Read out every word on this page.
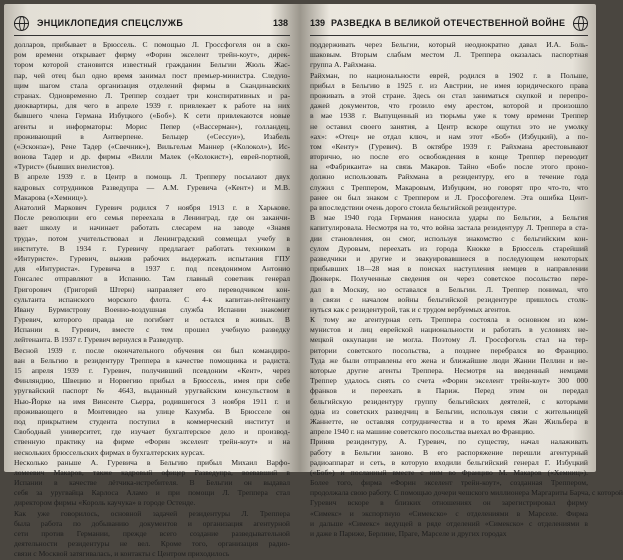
ЭНЦИКЛОПЕДИЯ СПЕЦСЛУЖБ	138
долларов, прибывает в Брюссель. С помощью Л. Гроссфогеля он в ско-
ром времени открывает фирму «Форин экселент трейн-коут», дирек-
тором которой становится известный гражданин Бельгии Жюль Жас-
пар, чей отец был одно время занимал пост премьер-министра. Следую-
щим шагом стала организация отделений фирмы в Скандинавских
странах. Одновременно Л. Треппер создает три конспиративных и ра-
диоквартиры, для чего в апреле 1939 г. привлекает к работе на них
бывшего члена Германа Избуцкого («Боб»). К сети привлекаются новые
агенты и информаторы: Морис Пепер («Вассерман»), голландец,
проживающий в Антверпене. Бельцер («Сессуи»), Изабель
(«Эсконза»), Рене Тадер («Свечник»), Вильгельм Маннер («Колокол»), Ис-
вонова Тадер и др. фирмы «Вилли Малек («Колокист»), еврей-портной,
«Турист» (бывших внелистов).
В апреле 1939 г. в Центр в помощь Л. Трепперу посылают двух
кадровых сотрудников Разведупра — А.М. Гуревича («Кент») и М.В.
Макарова («Хемниц»).
Анатолий Маркович Гуревич родился 7 ноября 1913 г. в Харькове.
После революции его семья переехала в Ленинград, где он заканчи-
вает школу и начинает работать слесарем на заводе «Знамя
труда», потом учительствовал и Ленинградский совмещал учебу в
институте. В 1934 г. Гуревичу предлагает работать техником в
«Интуристе». Гуревич, выжив рабочих выдержать испытания ГПУ
для «Интуриста». Гуревича в 1937 г. под псевдонимом Антонио
Гонсалес отправляют в Испанию. Там главный советник генерал
Григорович (Григорий Штерн) направляет его переводчиком кон-
сультанта испанского морского флота. С 4-к капитан-лейтенанту
Ивану Бурмистрову Военно-воздушная служба Испании знакомит
Гуревич, которого правда не погибнет и остался в живых. В
Испании я. Гуревич, вместе с тем прошел учебную разведку
лейтенанта. В 1937 г. Гуревич вернулся в Разведупр.
Весной 1939 г. после окончательного обучения он был командиро-
ван в Бельгию в резидентуру Треппера в качестве помощника и радиста.
15 апреля 1939 г. Гуревич, получивший псевдоним «Кент», через
Финляндию, Швецию и Норвегию прибыл в Брюссель, имея при себе
уругвайский паспорт № 4643, выданный уругвайским консульством в
Нью-Йорке на имя Винсенте Сьерра, родившегося 3 ноября 1911 г. и
проживающего в Монтевидео на улице Кахумба. В Брюсселе он
под прикрытием студента поступил в коммерческий институт и
Свободный университет, где изучает бухгалтерское дело и производ-
ственную практику на фирме «Форин экселент трейн-коут» и на
нескольких брюссельских фирмах в бухгалтерских курсах.
Несколько раньше А. Гуревича в Бельгию прибыл Михаил Варфо-
ломеевич Макаров, также кадровый офицер Разведупра, воевавший в
Испании в качестве лётчика-истребителя. В Бельгии он выдавал
себя за уругвайца Карлоса Аламо и при помощи Л. Треппера стал
директором фирмы «Король каучука» в городе Остенде.
Как уже говорилось, основной задачей резидентуры Л. Треппера
была работа по добыванию документов и организация агентурной
сети против Германии, прежде всего создание разведывательной
деятельности резидентуры не вел. Кроме того, организация радио-
связи с Москвой затягивалась, и контакты с Центром приходилось
139 РАЗВЕДКА В ВЕЛИКОЙ ОТЕЧЕСТВЕННОЙ ВОЙНЕ
поддерживать через Бельгии, который неоднократно давал И.А. Боль-
шаковым. Вторым слабым местом Л. Треппера оказалась паспортная
группа А. Райхмана.
Райхман, по национальности еврей, родился в 1902 г. в Польше,
прибыл в Бельгию в 1925 г. из Австрии, не имея юридического права
проживать в этой стране. Здесь он стал заниматься скупкой и перепро-
дажей документов, что грозило ему арестом, которой и произошло
в мае 1938 г. Выпущенный из тюрьмы уже к тому времени Треппер
не оставил своего занятия, а Центр вскоре ощутил это не умолку
«ах»: «Отец» не отдал ключ, и нам этот «Боб» (Избуцкий), а по-
том «Кенту» (Гуревич). В октябре 1939 г. Райхмана арестовывают
вторично, но после его освобождения в конце Треппер переводит
на «Фабриканта» на связь Макаров. Тайно «Боб» после этого проно-
должно использовать Райхмана в резидентуру, его в течение года
служил с Треппером, Макаровым, Избуцким, но говорят про что-то, что
ранее он был знаком с Треппером и Л. Гроссфогелем. Эта ошибка Цент-
ра впоследствии очень дорого стоила бельгийской резидентуре.
В мае 1940 года Германия наносила удары по Бельгии, а Бельгия
капитулировала. Несмотря на то, что война застала резидентуру Л. Треппера в ста-
дии становления, он смог, используя знакомство с бельгийским кон-
сулом Дуровым, переехать из города Кнокке в Брюссель старейший
разведчики и другие и эвакуировавшиеся в последующем некоторых
прибывших 18—28 мая в поисках наступления немцев в направлении
Дюнкерк. Полученные сведения он через советское посольство пере-
дал в Москву, но оставался в Бельгии. Л. Треппер понимал, что
в связи с началом войны бельгийской резидентуре пришлось столк-
нуться как с резидентурой, так и с трудом вербуемых агентов.
К тому же агентурная сеть Треппера состояла в основном из ком-
мунистов и лиц еврейской национальности и работать в условиях не-
мецкой оккупации не могла. Поэтому Л. Гроссфогель стал на тер-
ритории советского посольства, а позднее перебрался во Францию.
Туда же были отправлены его жена и ближайшие люди Жанни Пеллин и не-
которые другие агенты Треппера. Несмотря на введенный немцами
Треппер удалось снять со счета «Форин экселент трейн-коут» 300 000
франков и переехать в Париж. Перед этим он передал
бельгийскую резидентуру группу бельгийских деятелей, с которыми
одна из советских разведчиц в Бельгии, используя связи с жительницей
Жаннетте, не оставляя сотрудничества и в то время Жан Жильбера в
апреле 1940 г. на машине советского посольства выехал во Францию.
Приняв резидентуру, А. Гуревич, по существу, начал налаживать
работу в Бельгии заново. В его распоряжение перешли агентурный
радиоаппарат и сеть, в которую входили бельгийский генерал Г. Избуцкий
(«Боб») и посланный вместе с ним во Францию М. Макаров («Хемниц»).
Более того, фирма «Форин экселент трейн-коут», созданная Треппером,
продолжала свою работу. С помощью дочери чешского миллионера Маргариты Барча, с которой
Гуревич вскоре в близких отношениях он зарегистрировал фирму
«Симекс» и экспортную «Симекско» с отделениями в Марселе. Фирма
и дальше «Симекс» ведущей в ряде отделений «Симекско» с отделениями в
и даже в Париже, Берлине, Праге, Марселе и других городах
